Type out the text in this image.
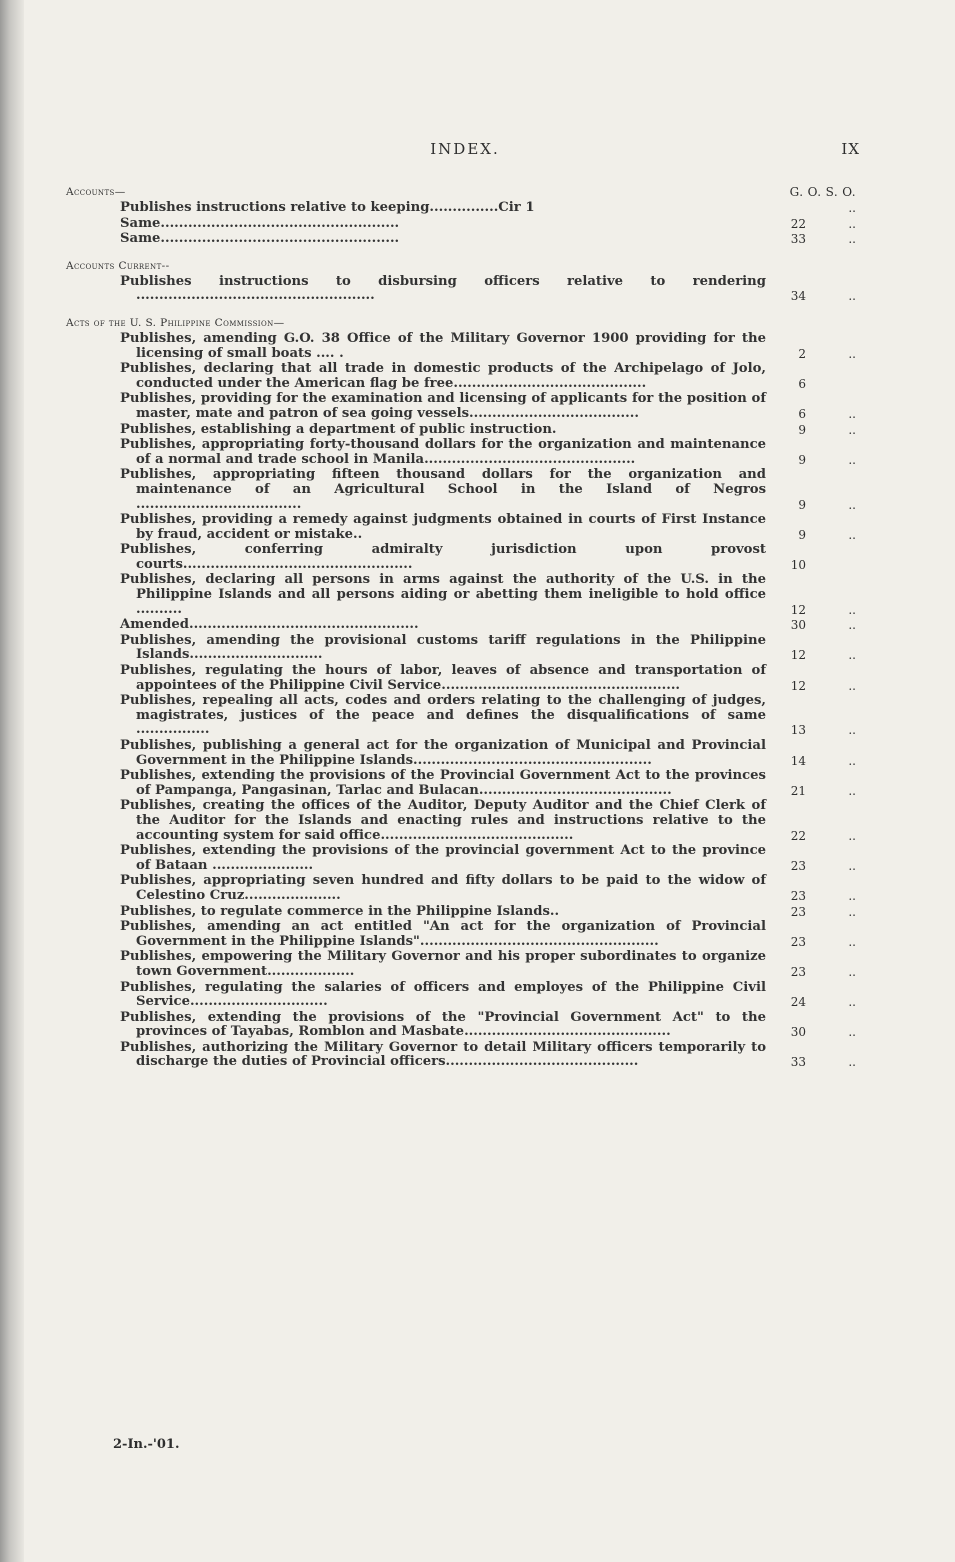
INDEX.	IX
Accounts—	G. O. S. O.
Publishes instructions relative to keeping...............Cir 1	..
Same....................................................	22	..
Same....................................................	33	..
Accounts Current--
Publishes instructions to disbursing officers relative to rendering ....................................................	34	..
Acts of the U. S. Philippine Commission—
Publishes, amending G.O. 38 Office of the Military Governor 1900 providing for the licensing of small boats .... .	2	..
Publishes, declaring that all trade in domestic products of the Archipelago of Jolo, conducted under the American flag be free..........................................	6
Publishes, providing for the examination and licensing of applicants for the position of master, mate and patron of sea going vessels.....................................	6	..
Publishes, establishing a department of public instruction.	9	..
Publishes, appropriating forty-thousand dollars for the organization and maintenance of a normal and trade school in Manila..............................................	9	..
Publishes, appropriating fifteen thousand dollars for the organization and maintenance of an Agricultural School in the Island of Negros ....................................	9	..
Publishes, providing a remedy against judgments obtained in courts of First Instance by fraud, accident or mistake..	9	..
Publishes, conferring admiralty jurisdiction upon provost courts..................................................	10
Publishes, declaring all persons in arms against the authority of the U.S. in the Philippine Islands and all persons aiding or abetting them ineligible to hold office ..........	12	..
Amended..................................................	30	..
Publishes, amending the provisional customs tariff regulations in the Philippine Islands.............................	12	..
Publishes, regulating the hours of labor, leaves of absence and transportation of appointees of the Philippine Civil Service....................................................	12	..
Publishes, repealing all acts, codes and orders relating to the challenging of judges, magistrates, justices of the peace and defines the disqualifications of same ................	13	..
Publishes, publishing a general act for the organization of Municipal and Provincial Government in the Philippine Islands....................................................	14	..
Publishes, extending the provisions of the Provincial Government Act to the provinces of Pampanga, Pangasinan, Tarlac and Bulacan..........................................	21	..
Publishes, creating the offices of the Auditor, Deputy Auditor and the Chief Clerk of the Auditor for the Islands and enacting rules and instructions relative to the accounting system for said office..........................................	22	..
Publishes, extending the provisions of the provincial government Act to the province of Bataan ......................	23	..
Publishes, appropriating seven hundred and fifty dollars to be paid to the widow of Celestino Cruz.....................	23	..
Publishes, to regulate commerce in the Philippine Islands..	23	..
Publishes, amending an act entitled "An act for the organization of Provincial Government in the Philippine Islands"....................................................	23	..
Publishes, empowering the Military Governor and his proper subordinates to organize town Government...................	23	..
Publishes, regulating the salaries of officers and employes of the Philippine Civil Service..............................	24	..
Publishes, extending the provisions of the "Provincial Government Act" to the provinces of Tayabas, Romblon and Masbate.............................................	30	..
Publishes, authorizing the Military Governor to detail Military officers temporarily to discharge the duties of Provincial officers..........................................	33	..
2-In.-'01.
